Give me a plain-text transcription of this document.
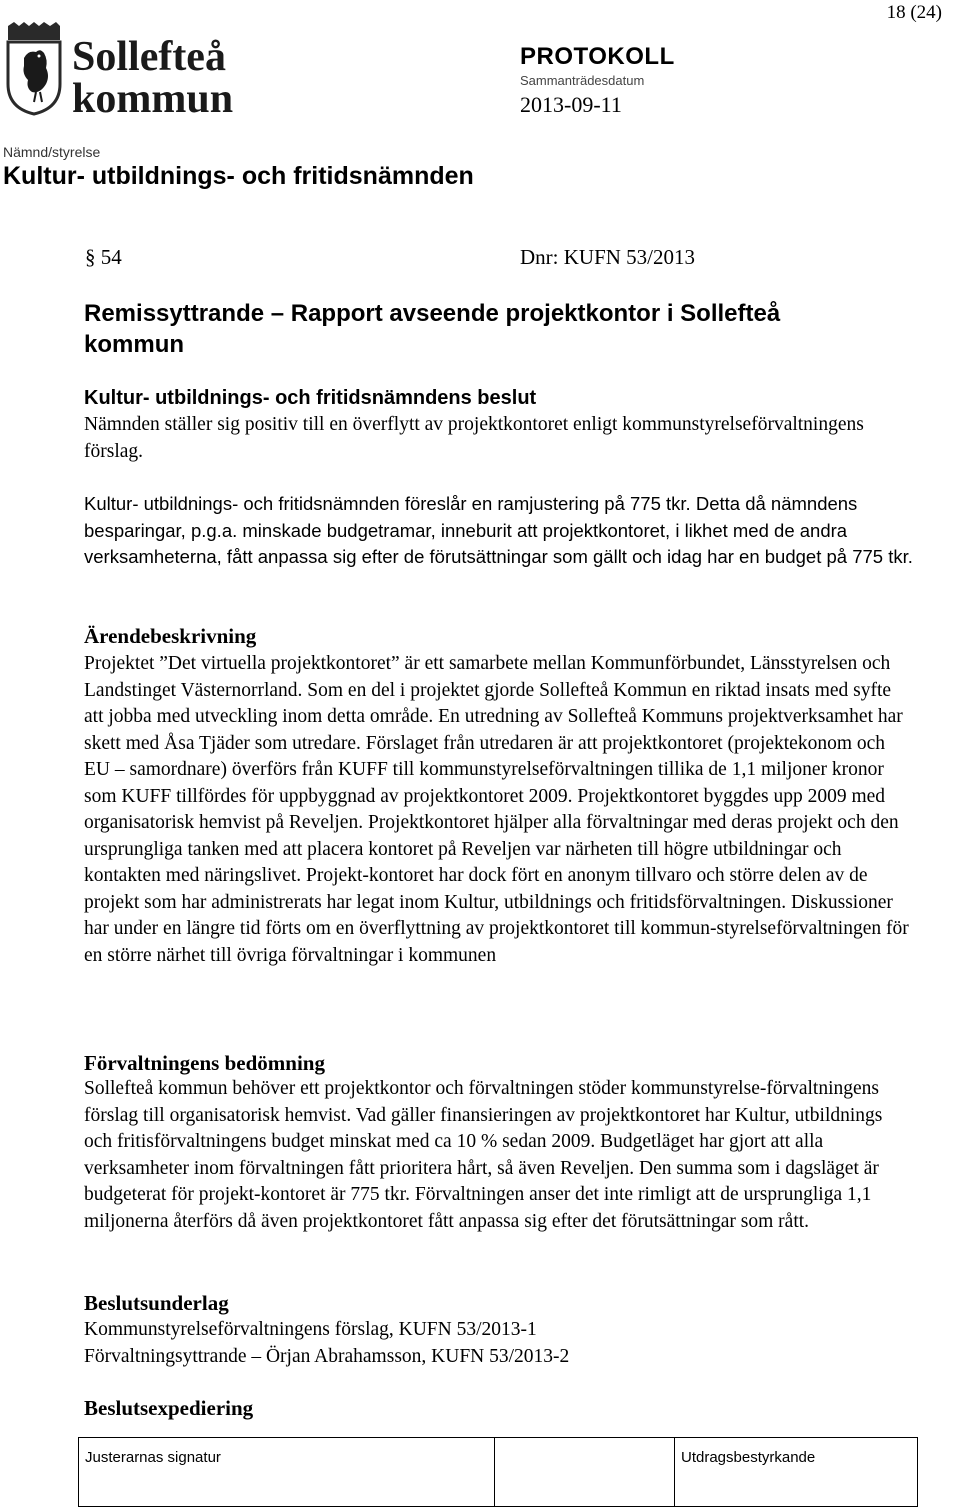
18 (24)
Sollefteå
kommun
PROTOKOLL
Sammanträdesdatum
2013-09-11
Nämnd/styrelse
Kultur- utbildnings- och fritidsnämnden
§ 54	Dnr: KUFN 53/2013
Remissyttrande – Rapport avseende projektkontor i Sollefteå kommun
Kultur- utbildnings- och fritidsnämndens beslut
Nämnden ställer sig positiv till en överflytt av projektkontoret enligt kommunstyrelseförvaltningens förslag.
Kultur- utbildnings- och fritidsnämnden föreslår en ramjustering på 775 tkr. Detta då nämndens besparingar, p.g.a. minskade budgetramar, inneburit att projektkontoret, i likhet med de andra verksamheterna, fått anpassa sig efter de förutsättningar som gällt och idag har en budget på 775 tkr.
Ärendebeskrivning
Projektet ”Det virtuella projektkontoret” är ett samarbete mellan Kommunförbundet, Länsstyrelsen och Landstinget Västernorrland. Som en del i projektet gjorde Sollefteå Kommun en riktad insats med syfte att jobba med utveckling inom detta område. En utredning av Sollefteå Kommuns projektverksamhet har skett med Åsa Tjäder som utredare. Förslaget från utredaren är att projektkontoret (projektekonom och EU – samordnare) överförs från KUFF till kommunstyrelseförvaltningen tillika de 1,1 miljoner kronor som KUFF tillfördes för uppbyggnad av projektkontoret 2009. Projektkontoret byggdes upp 2009 med organisatorisk hemvist på Reveljen. Projektkontoret hjälper alla förvaltningar med deras projekt och den ursprungliga tanken med att placera kontoret på Reveljen var närheten till högre utbildningar och kontakten med näringslivet. Projekt-kontoret har dock fört en anonym tillvaro och större delen av de projekt som har administrerats har legat inom Kultur, utbildnings och fritidsförvaltningen. Diskussioner har under en längre tid förts om en överflyttning av projektkontoret till kommun-styrelseförvaltningen för en större närhet till övriga förvaltningar i kommunen
Förvaltningens bedömning
Sollefteå kommun behöver ett projektkontor och förvaltningen stöder kommunstyrelse-förvaltningens förslag till organisatorisk hemvist. Vad gäller finansieringen av projektkontoret har Kultur, utbildnings och fritisförvaltningens budget minskat med ca 10 % sedan 2009. Budgetläget har gjort att alla verksamheter inom förvaltningen fått prioritera hårt, så även Reveljen. Den summa som i dagsläget är budgeterat för projekt-kontoret är 775 tkr. Förvaltningen anser det inte rimligt att de ursprungliga 1,1 miljonerna återförs då även projektkontoret fått anpassa sig efter det förutsättningar som rått.
Beslutsunderlag
Kommunstyrelseförvaltningens förslag, KUFN 53/2013-1
Förvaltningsyttrande – Örjan Abrahamsson, KUFN 53/2013-2
Beslutsexpediering
Justerarnas signatur	Utdragsbestyrkande
